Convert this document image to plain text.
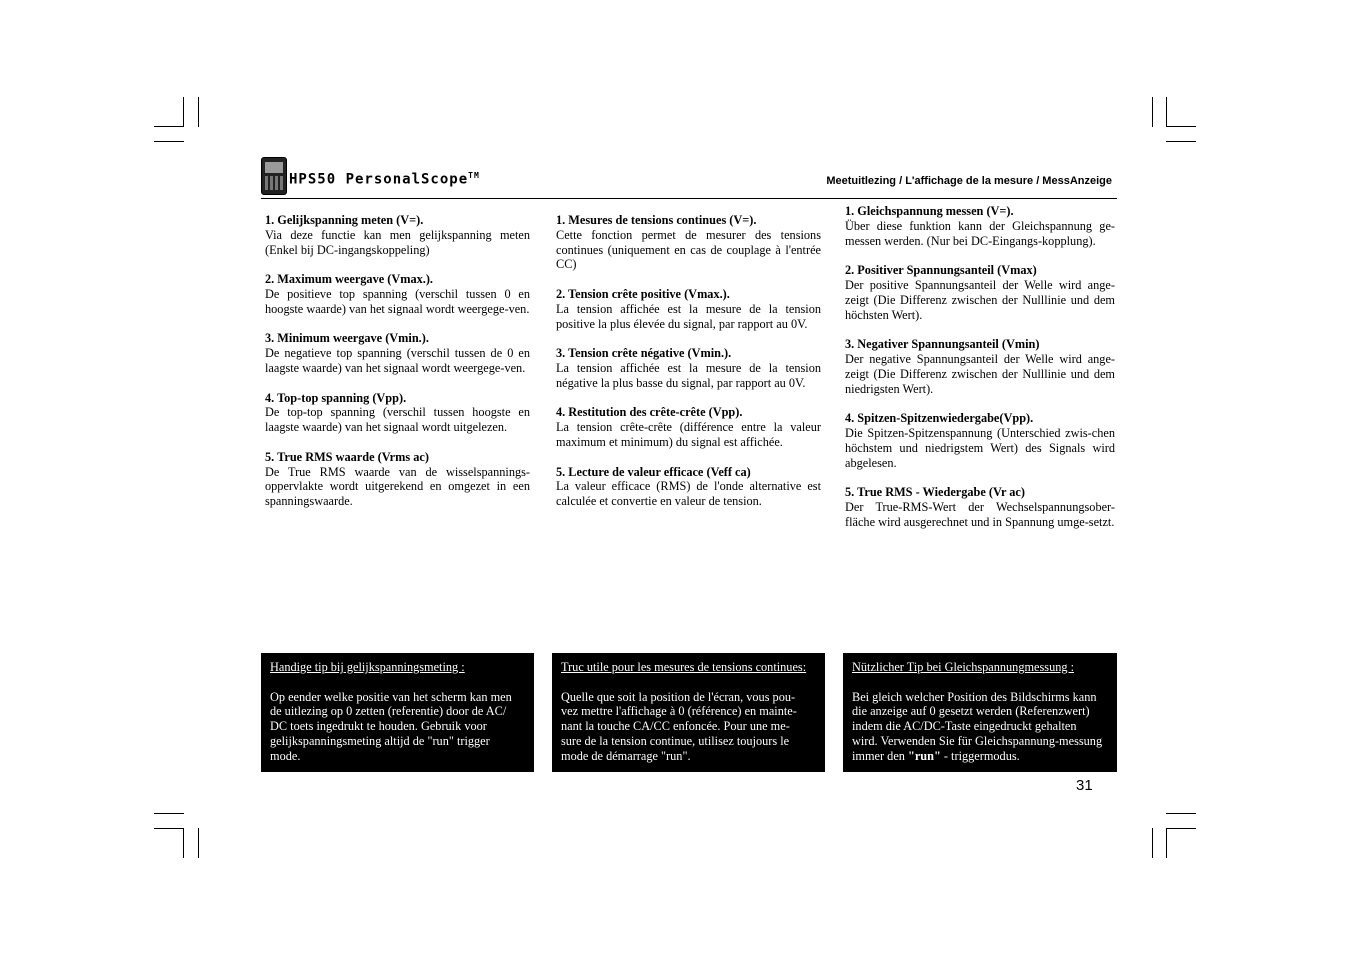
HPS50 PersonalScope™	Meetuitlezing / L'affichage de la mesure / MessAnzeige
1. Gelijkspanning meten (V=).
Via deze functie kan men gelijkspanning meten (Enkel bij DC-ingangskoppeling)
2. Maximum weergave (Vmax.).
De positieve top spanning (verschil tussen 0 en hoogste waarde) van het signaal wordt weergege-ven.
3. Minimum weergave (Vmin.).
De negatieve top spanning (verschil tussen de 0 en laagste waarde) van het signaal wordt weergege-ven.
4. Top-top spanning (Vpp).
De top-top spanning (verschil tussen hoogste en laagste waarde) van het signaal wordt uitgelezen.
5. True RMS waarde (Vrms ac)
De True RMS waarde van de wisselspannings-oppervlakte wordt uitgerekend en omgezet in een spanningswaarde.
1. Mesures de tensions continues (V=).
Cette fonction permet de mesurer des tensions continues (uniquement en cas de couplage à l'entrée CC)
2. Tension crête positive (Vmax.).
La tension affichée est la mesure de la tension positive la plus élevée du signal, par rapport au 0V.
3. Tension crête négative (Vmin.).
La tension affichée est la mesure de la tension négative la plus basse du signal, par rapport au 0V.
4. Restitution des crête-crête (Vpp).
La tension crête-crête (différence entre la valeur maximum et minimum) du signal est affichée.
5. Lecture de valeur efficace (Veff ca)
La valeur efficace (RMS) de l'onde alternative est calculée et convertie en valeur de tension.
1. Gleichspannung messen (V=).
Über diese funktion kann der Gleichspannung ge-messen werden. (Nur bei DC-Eingangs-kopplung).
2. Positiver Spannungsanteil (Vmax)
Der positive Spannungsanteil der Welle wird ange-zeigt (Die Differenz zwischen der Nulllinie und dem höchsten Wert).
3. Negativer Spannungsanteil (Vmin)
Der negative Spannungsanteil der Welle wird ange-zeigt (Die Differenz zwischen der Nulllinie und dem niedrigsten Wert).
4. Spitzen-Spitzenwiedergabe(Vpp).
Die Spitzen-Spitzenspannung (Unterschied zwis-chen höchstem und niedrigstem Wert) des Signals wird abgelesen.
5. True RMS - Wiedergabe (Vr ac)
Der True-RMS-Wert der Wechselspannungsober-fläche wird ausgerechnet und in Spannung umge-setzt.
Handige tip bij gelijkspanningsmeting :
Op eender welke positie van het scherm kan men
de uitlezing op 0 zetten (referentie) door de AC/
DC toets ingedrukt te houden. Gebruik voor
gelijkspanningsmeting altijd de "run" trigger
mode.
Truc utile pour les mesures de tensions continues:
Quelle que soit la position de l'écran, vous pou-
vez mettre l'affichage à 0 (référence) en mainte-
nant la touche CA/CC enfoncée. Pour une me-
sure de la tension continue, utilisez toujours le
mode de démarrage "run".
Nützlicher Tip bei Gleichspannungmessung :
Bei gleich welcher Position des Bildschirms kann
die anzeige auf 0 gesetzt werden (Referenzwert)
indem die AC/DC-Taste eingedruckt gehalten
wird. Verwenden Sie für Gleichspannung-messung
immer den "run" - triggermodus.
31
